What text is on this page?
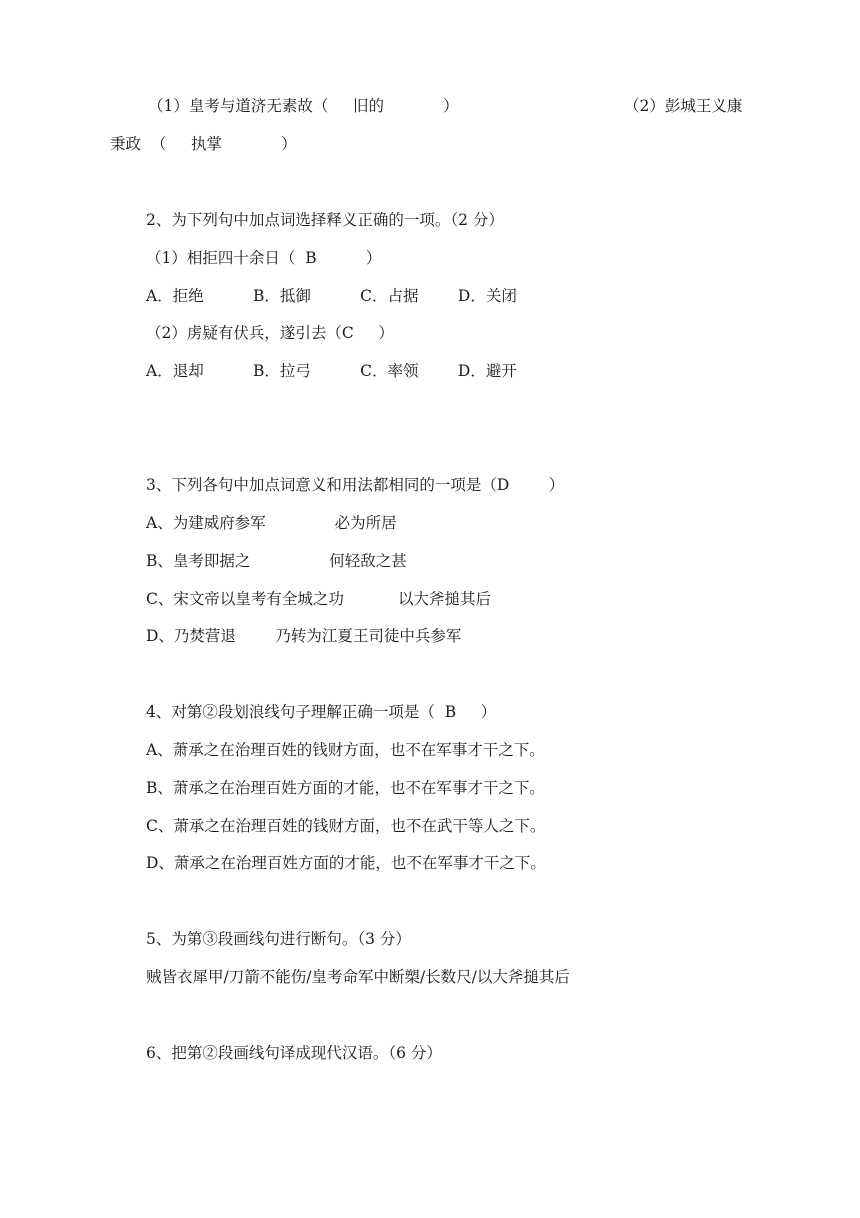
（1）皇考与道济无素故（     旧的            ）	（2）彭城王义康
秉政  （     执掌            ）
2、为下列句中加点词选择释义正确的一项。（2 分）
（1）相拒四十余日（  B          ）
A．拒绝          B．抵御          C．占据        D．关闭
（2）虏疑有伏兵，遂引去（C     ）
A．退却          B．拉弓          C．率领        D．避开
3、下列各句中加点词意义和用法都相同的一项是（D        ）
A、为建威府参军              必为所居
B、皇考即据之                何轻敌之甚
C、宋文帝以皇考有全城之功           以大斧搥其后
D、乃焚营退        乃转为江夏王司徒中兵参军
4、对第②段划浪线句子理解正确一项是（  B     ）
A、萧承之在治理百姓的钱财方面，也不在军事才干之下。
B、萧承之在治理百姓方面的才能，也不在军事才干之下。
C、萧承之在治理百姓的钱财方面，也不在武干等人之下。
D、萧承之在治理百姓方面的才能，也不在军事才干之下。
5、为第③段画线句进行断句。（3 分）
贼皆衣犀甲/刀箭不能伤/皇考命军中断槊/长数尺/以大斧搥其后
6、把第②段画线句译成现代汉语。（6 分）
